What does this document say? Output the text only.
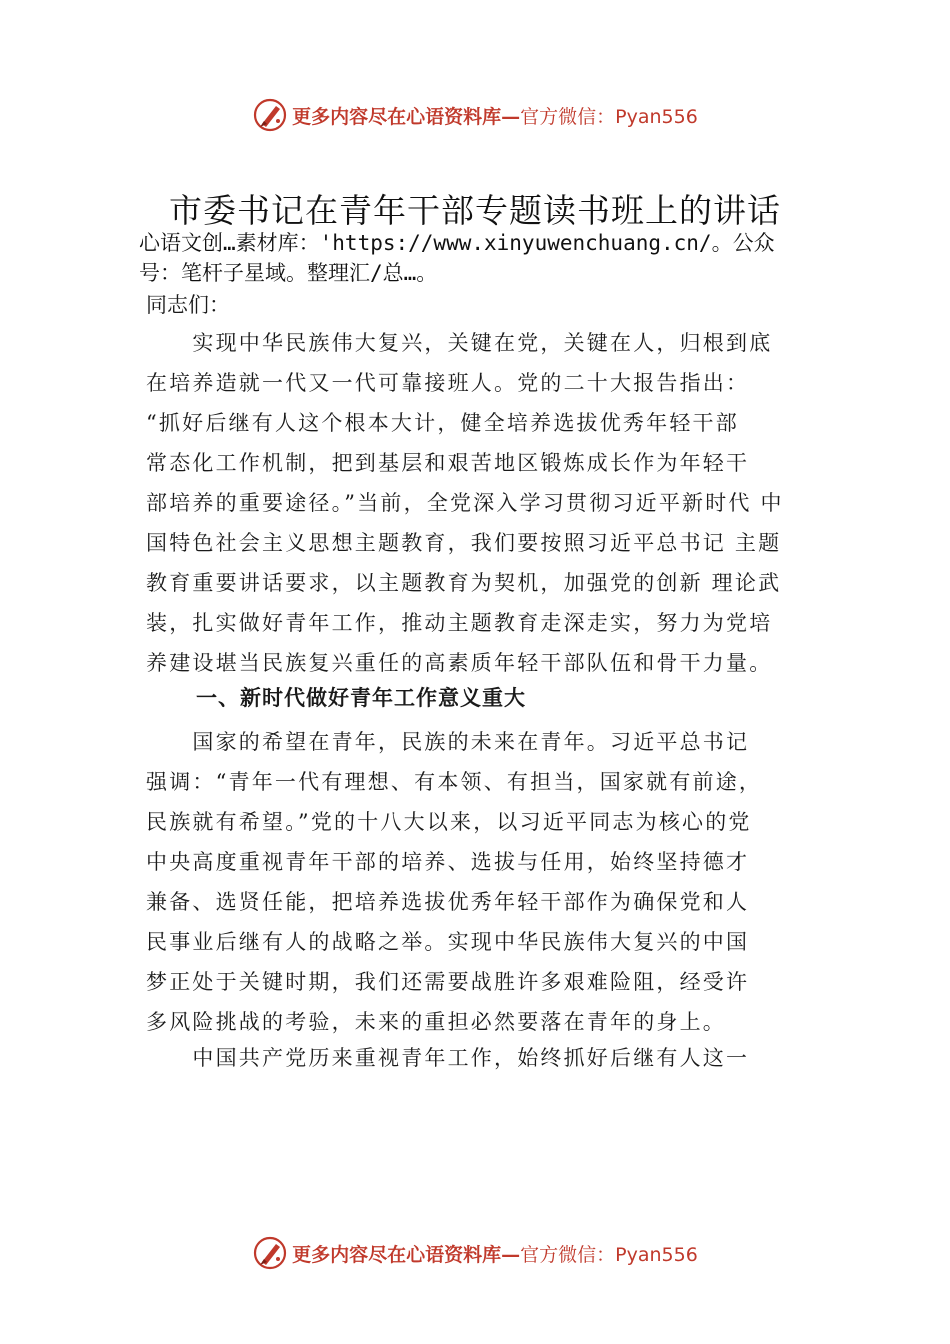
更多内容尽在心语资料库— 官方微信：Pyan556
市委书记在青年干部专题读书班上的讲话
心语文创…素材库：'https://www.xinyuwenchuang.cn/。公众
号：笔杆子星域。整理汇/总…。
同志们：
　　实现中华民族伟大复兴，关键在党，关键在人，归根到底
在培养造就一代又一代可靠接班人。党的二十大报告指出：
“抓好后继有人这个根本大计，健全培养选拔优秀年轻干部
常态化工作机制，把到基层和艰苦地区锻炼成长作为年轻干
部培养的重要途径。”当前，全党深入学习贯彻习近平新时代 中
国特色社会主义思想主题教育，我们要按照习近平总书记 主题
教育重要讲话要求，以主题教育为契机，加强党的创新 理论武
装，扎实做好青年工作，推动主题教育走深走实，努力为党培
养建设堪当民族复兴重任的高素质年轻干部队伍和骨干力量。
一、新时代做好青年工作意义重大
　　国家的希望在青年，民族的未来在青年。习近平总书记
强调：“青年一代有理想、有本领、有担当，国家就有前途，
民族就有希望。”党的十八大以来，以习近平同志为核心的党
中央高度重视青年干部的培养、选拔与任用，始终坚持德才
兼备、选贤任能，把培养选拔优秀年轻干部作为确保党和人
民事业后继有人的战略之举。实现中华民族伟大复兴的中国
梦正处于关键时期，我们还需要战胜许多艰难险阻，经受许
多风险挑战的考验，未来的重担必然要落在青年的身上。
　　中国共产党历来重视青年工作，始终抓好后继有人这一
更多内容尽在心语资料库— 官方微信：Pyan556
